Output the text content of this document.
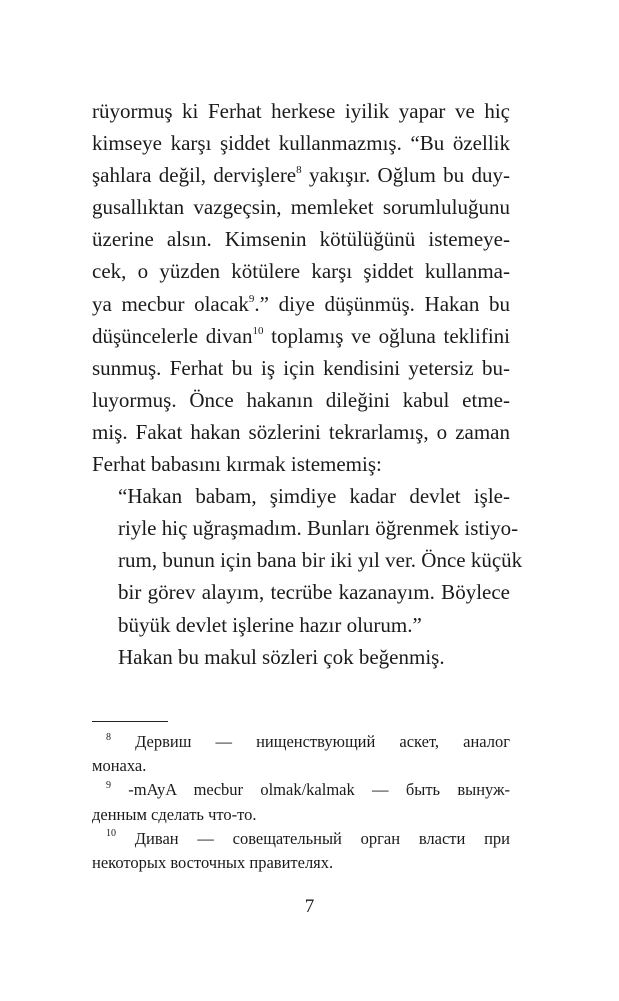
rüyormuş ki Ferhat herkese iyilik yapar ve hiç
kimseye karşı şiddet kullanmazmış. “Bu özellik
şahlara değil, dervişlere$^8$ yakışır. Oğlum bu duy-
gusallıktan vazgeçsin, memleket sorumluluğunu
üzerine alsın. Kimsenin kötülüğünü istemeye-
cek, o yüzden kötülere karşı şiddet kullanma-
ya mecbur olacak$^9$.” diye düşünmüş. Hakan bu
düşüncelerle divan$^{10}$ toplamış ve oğluna teklifini
sunmuş. Ferhat bu iş için kendisini yetersiz bu-
luyormuş. Önce hakanın dileğini kabul etme-
miş. Fakat hakan sözlerini tekrarlamış, o zaman
Ferhat babasını kırmak istememiş:

“Hakan babam, şimdiye kadar devlet işle-
riyle hiç uğraşmadım. Bunları öğrenmek istiyo-
rum, bunun için bana bir iki yıl ver. Önce küçük
bir görev alayım, tecrübe kazanayım. Böylece
büyük devlet işlerine hazır olurum.”

Hakan bu makul sözleri çok beğenmiş.

$^8$ Дервиш — нищенствующий аскет, аналог
монаха.
$^9$ -mAyA mecbur olmak/kalmak — быть вынуж-
денным сделать что-то.
$^{10}$ Диван — совещательный орган власти при
некоторых восточных правителях.
7
